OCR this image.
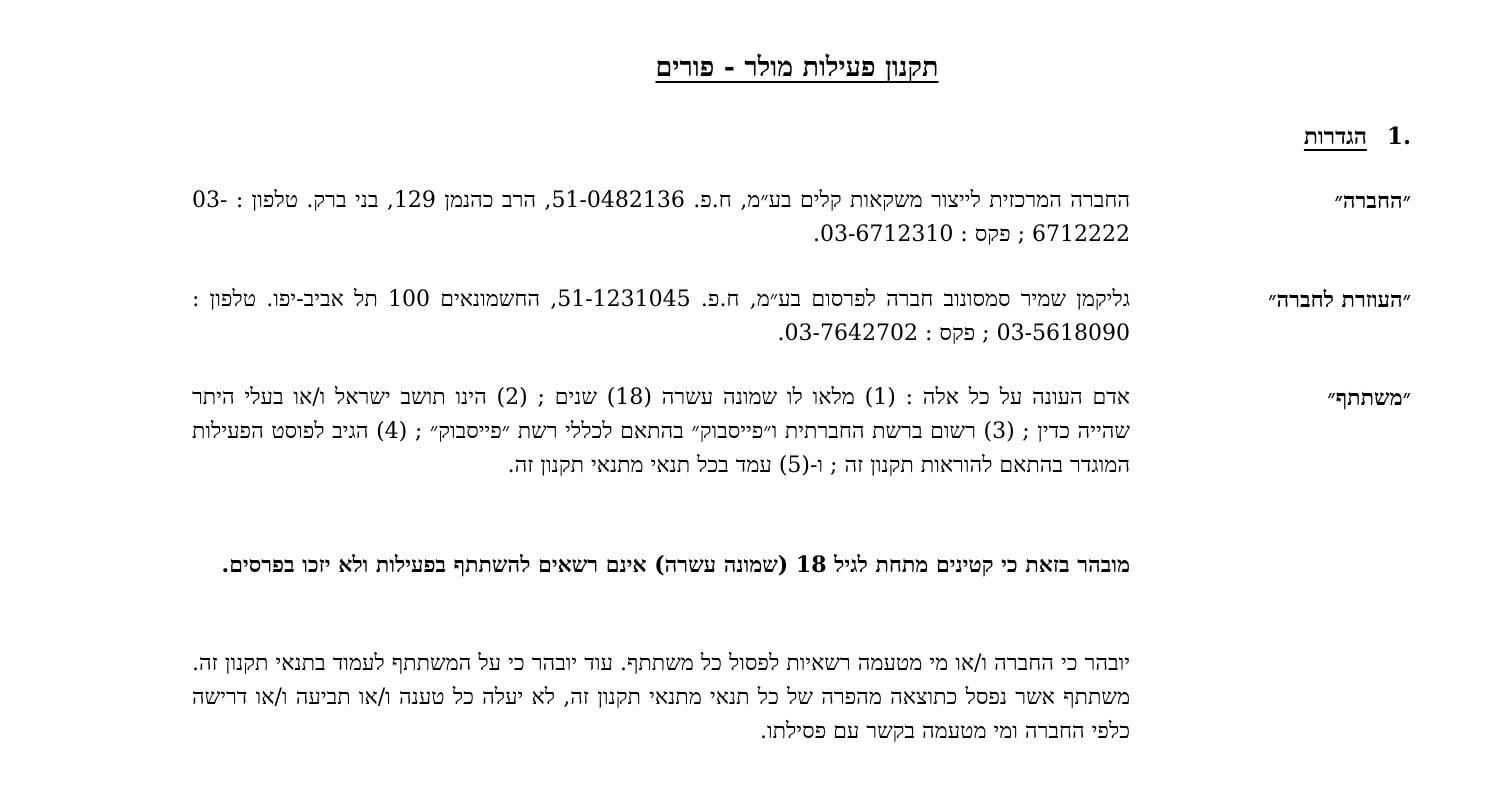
תקנון פעילות מולר - פורים
.1 הגדרות
״החברה״
החברה המרכזית לייצור משקאות קלים בע״מ, ח.פ. 51-0482136, הרב כהנמן 129, בני ברק. טלפון : 03-6712222 ; פקס : 03-6712310.
״העוזרת לחברה״
גליקמן שמיר סמסונוב חברה לפרסום בע״מ, ח.פ. 51-1231045, החשמונאים 100 תל אביב-יפו. טלפון : 03-5618090 ; פקס : 03-7642702.
״משתתף״
אדם העונה על כל אלה : (1) מלאו לו שמונה עשרה (18) שנים ; (2) הינו תושב ישראל ו/או בעלי היתר שהייה כדין ; (3) רשום ברשת החברתית ו״פייסבוק״ בהתאם לכללי רשת ״פייסבוק״ ; (4) הגיב לפוסט הפעילות המוגדר בהתאם להוראות תקנון זה ; ו-(5) עמד בכל תנאי מתנאי תקנון זה.
מובהר בזאת כי קטינים מתחת לגיל 18 (שמונה עשרה) אינם רשאים להשתתף בפעילות ולא יזכו בפרסים.
יובהר כי החברה ו/או מי מטעמה רשאיות לפסול כל משתתף. עוד יובהר כי על המשתתף לעמוד בתנאי תקנון זה. משתתף אשר נפסל כתוצאה מהפרה של כל תנאי מתנאי תקנון זה, לא יעלה כל טענה ו/או תביעה ו/או דרישה כלפי החברה ומי מטעמה בקשר עם פסילתו.
